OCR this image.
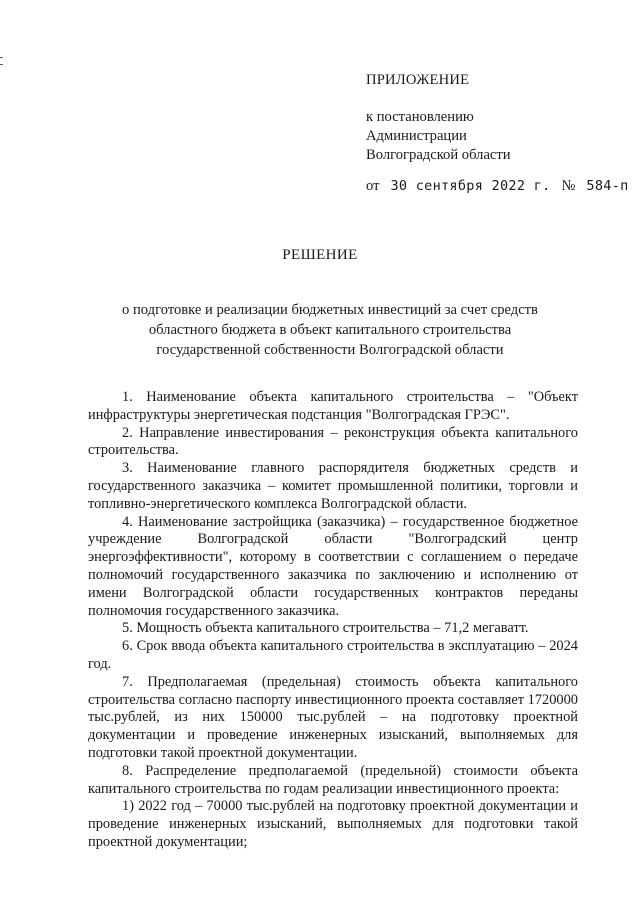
ПРИЛОЖЕНИЕ
к постановлению
Администрации
Волгоградской области
от 30 сентября 2022 г. № 584-п
РЕШЕНИЕ
о подготовке и реализации бюджетных инвестиций за счет средств
областного бюджета в объект капитального строительства
государственной собственности Волгоградской области

1. Наименование объекта капитального строительства – "Объект инфраструктуры энергетическая подстанция "Волгоградская ГРЭС".

2. Направление инвестирования – реконструкция объекта капитального строительства.

3. Наименование главного распорядителя бюджетных средств и государственного заказчика – комитет промышленной политики, торговли и топливно-энергетического комплекса Волгоградской области.

4. Наименование застройщика (заказчика) – государственное бюджетное учреждение Волгоградской области "Волгоградский центр энергоэффективности", которому в соответствии с соглашением о передаче полномочий государственного заказчика по заключению и исполнению от имени Волгоградской области государственных контрактов переданы полномочия государственного заказчика.

5. Мощность объекта капитального строительства – 71,2 мегаватт.

6. Срок ввода объекта капитального строительства в эксплуатацию – 2024 год.

7. Предполагаемая (предельная) стоимость объекта капитального строительства согласно паспорту инвестиционного проекта составляет 1720000 тыс.рублей, из них 150000 тыс.рублей – на подготовку проектной документации и проведение инженерных изысканий, выполняемых для подготовки такой проектной документации.

8. Распределение предполагаемой (предельной) стоимости объекта капитального строительства по годам реализации инвестиционного проекта:

1) 2022 год – 70000 тыс.рублей на подготовку проектной документации и проведение инженерных изысканий, выполняемых для подготовки такой проектной документации;
